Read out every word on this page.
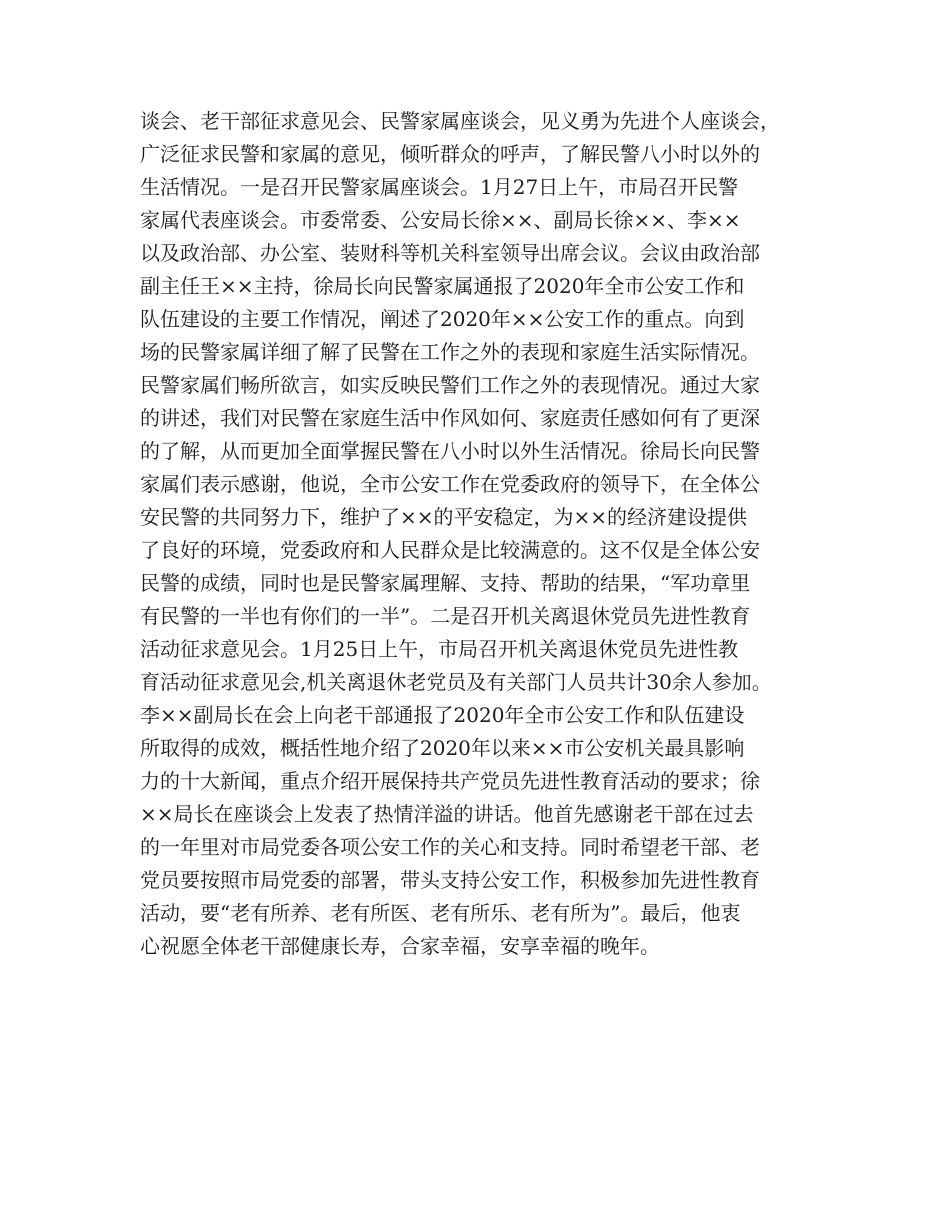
谈会、老干部征求意见会、民警家属座谈会，见义勇为先进个人座谈会，
广泛征求民警和家属的意见，倾听群众的呼声，了解民警八小时以外的
生活情况。一是召开民警家属座谈会。1月27日上午，市局召开民警
家属代表座谈会。市委常委、公安局长徐××、副局长徐××、李××
以及政治部、办公室、装财科等机关科室领导出席会议。会议由政治部
副主任王××主持，徐局长向民警家属通报了2020年全市公安工作和
队伍建设的主要工作情况，阐述了2020年××公安工作的重点。向到
场的民警家属详细了解了民警在工作之外的表现和家庭生活实际情况。
民警家属们畅所欲言，如实反映民警们工作之外的表现情况。通过大家
的讲述，我们对民警在家庭生活中作风如何、家庭责任感如何有了更深
的了解，从而更加全面掌握民警在八小时以外生活情况。徐局长向民警
家属们表示感谢，他说，全市公安工作在党委政府的领导下，在全体公
安民警的共同努力下，维护了××的平安稳定，为××的经济建设提供
了良好的环境，党委政府和人民群众是比较满意的。这不仅是全体公安
民警的成绩，同时也是民警家属理解、支持、帮助的结果，“军功章里
有民警的一半也有你们的一半”。二是召开机关离退休党员先进性教育
活动征求意见会。1月25日上午，市局召开机关离退休党员先进性教
育活动征求意见会,机关离退休老党员及有关部门人员共计30余人参加。
李××副局长在会上向老干部通报了2020年全市公安工作和队伍建设
所取得的成效，概括性地介绍了2020年以来××市公安机关最具影响
力的十大新闻，重点介绍开展保持共产党员先进性教育活动的要求；徐
××局长在座谈会上发表了热情洋溢的讲话。他首先感谢老干部在过去
的一年里对市局党委各项公安工作的关心和支持。同时希望老干部、老
党员要按照市局党委的部署，带头支持公安工作，积极参加先进性教育
活动，要“老有所养、老有所医、老有所乐、老有所为”。最后，他衷
心祝愿全体老干部健康长寿，合家幸福，安享幸福的晚年。
